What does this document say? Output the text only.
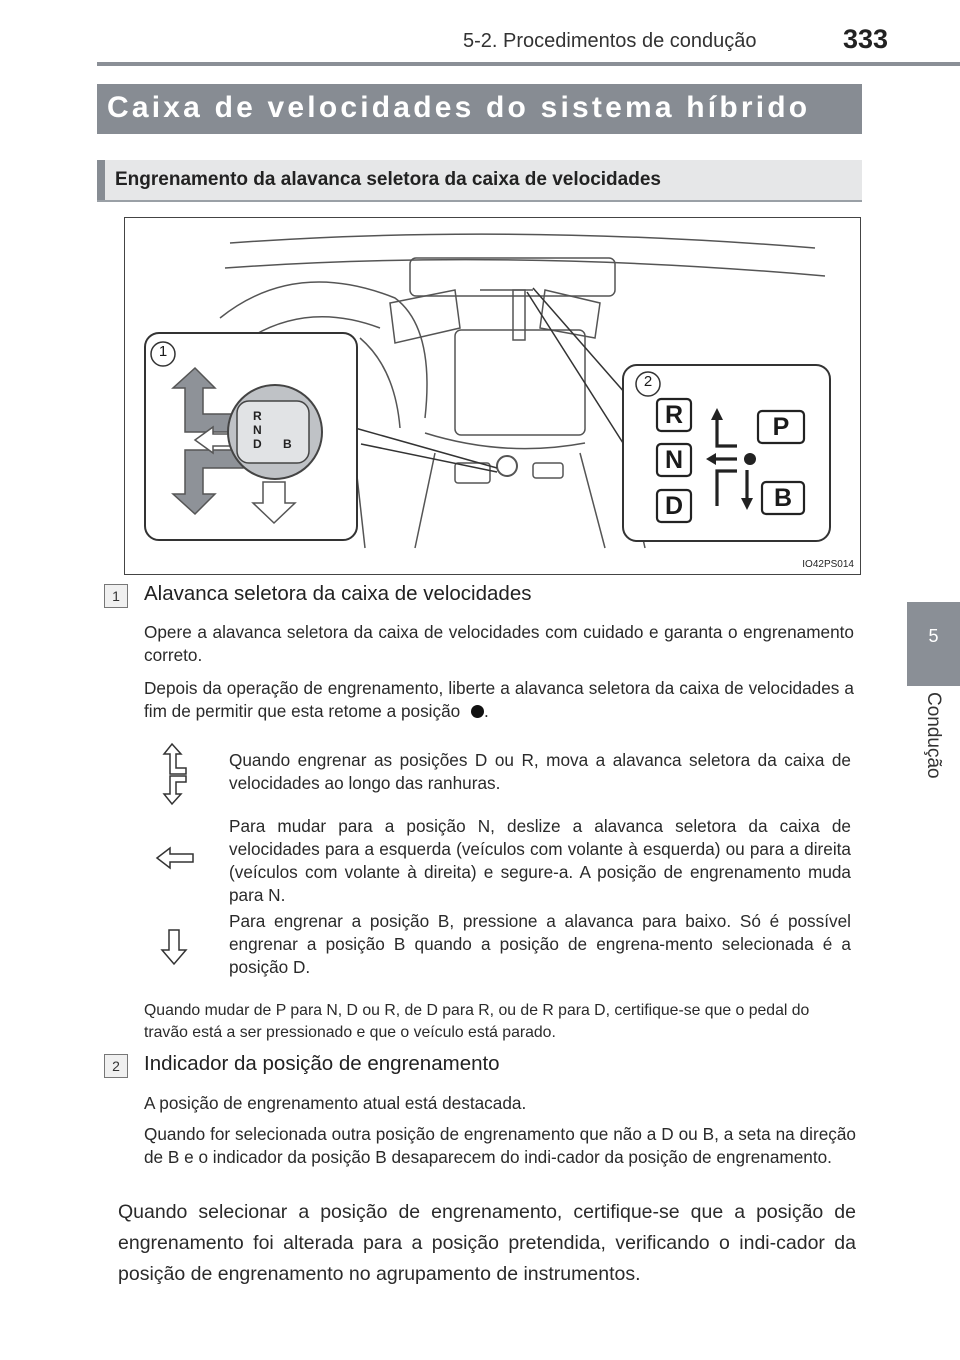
5-2. Procedimentos de condução	333
5
Condução
Caixa de velocidades do sistema híbrido
Engrenamento da alavanca seletora da caixa de velocidades
1
2
R
N
D B
R
N
D
P
B
IO42PS014
1	Alavanca seletora da caixa de velocidades
Opere a alavanca seletora da caixa de velocidades com cuidado e garanta o engrenamento correto.
Depois da operação de engrenamento, liberte a alavanca seletora da caixa de velocidades a fim de permitir que esta retome a posição .
Quando engrenar as posições D ou R, mova a alavanca seletora da caixa de velocidades ao longo das ranhuras.
Para mudar para a posição N, deslize a alavanca seletora da caixa de velocidades para a esquerda (veículos com volante à esquerda) ou para a direita (veículos com volante à direita) e segure-a. A posição de engrenamento muda para N.
Para engrenar a posição B, pressione a alavanca para baixo. Só é possível engrenar a posição B quando a posição de engrena-mento selecionada é a posição D.
Quando mudar de P para N, D ou R, de D para R, ou de R para D, certifique-se que o pedal do travão está a ser pressionado e que o veículo está parado.
2	Indicador da posição de engrenamento
A posição de engrenamento atual está destacada.
Quando for selecionada outra posição de engrenamento que não a D ou B, a seta na direção de B e o indicador da posição B desaparecem do indi-cador da posição de engrenamento.
Quando selecionar a posição de engrenamento, certifique-se que a posição de engrenamento foi alterada para a posição pretendida, verificando o indi-cador da posição de engrenamento no agrupamento de instrumentos.
